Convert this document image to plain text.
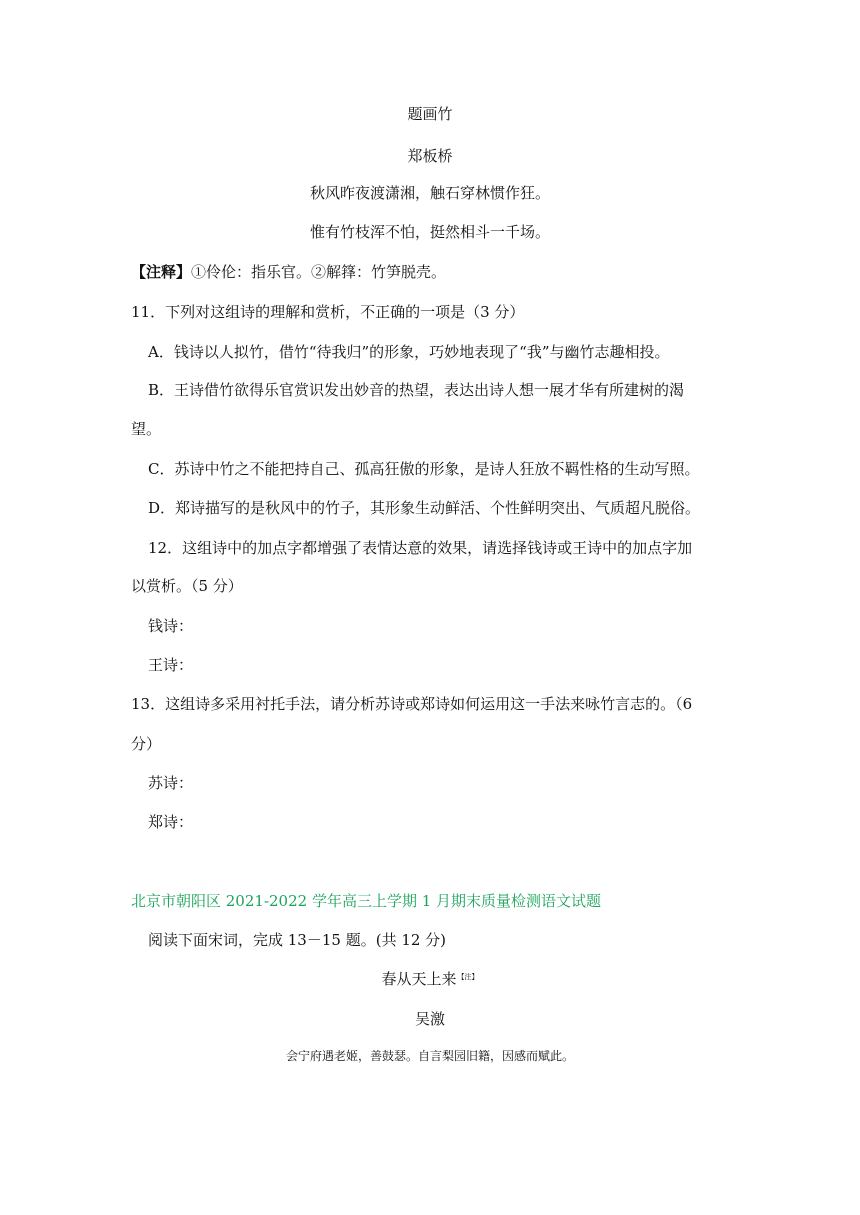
题画竹
郑板桥
秋风昨夜渡潇湘，触石穿林惯作狂。
惟有竹枝浑不怕，挺然相斗一千场。
【注释】①伶伦：指乐官。②解箨：竹笋脱壳。
11．下列对这组诗的理解和赏析，不正确的一项是（3 分）
A．钱诗以人拟竹，借竹“待我归”的形象，巧妙地表现了“我”与幽竹志趣相投。
B．王诗借竹欲得乐官赏识发出妙音的热望，表达出诗人想一展才华有所建树的渴
望。
C．苏诗中竹之不能把持自己、孤高狂傲的形象，是诗人狂放不羁性格的生动写照。
D．郑诗描写的是秋风中的竹子，其形象生动鲜活、个性鲜明突出、气质超凡脱俗。
12．这组诗中的加点字都增强了表情达意的效果，请选择钱诗或王诗中的加点字加
以赏析。（5 分）
钱诗：
王诗：
13．这组诗多采用衬托手法，请分析苏诗或郑诗如何运用这一手法来咏竹言志的。（6
分）
苏诗：
郑诗：
北京市朝阳区 2021-2022 学年高三上学期 1 月期末质量检测语文试题
阅读下面宋词，完成 13－15 题。(共 12 分)
春从天上来$^{【注】}$
吴激
会宁府遇老姬，善鼓瑟。自言梨园旧籍，因感而赋此。
